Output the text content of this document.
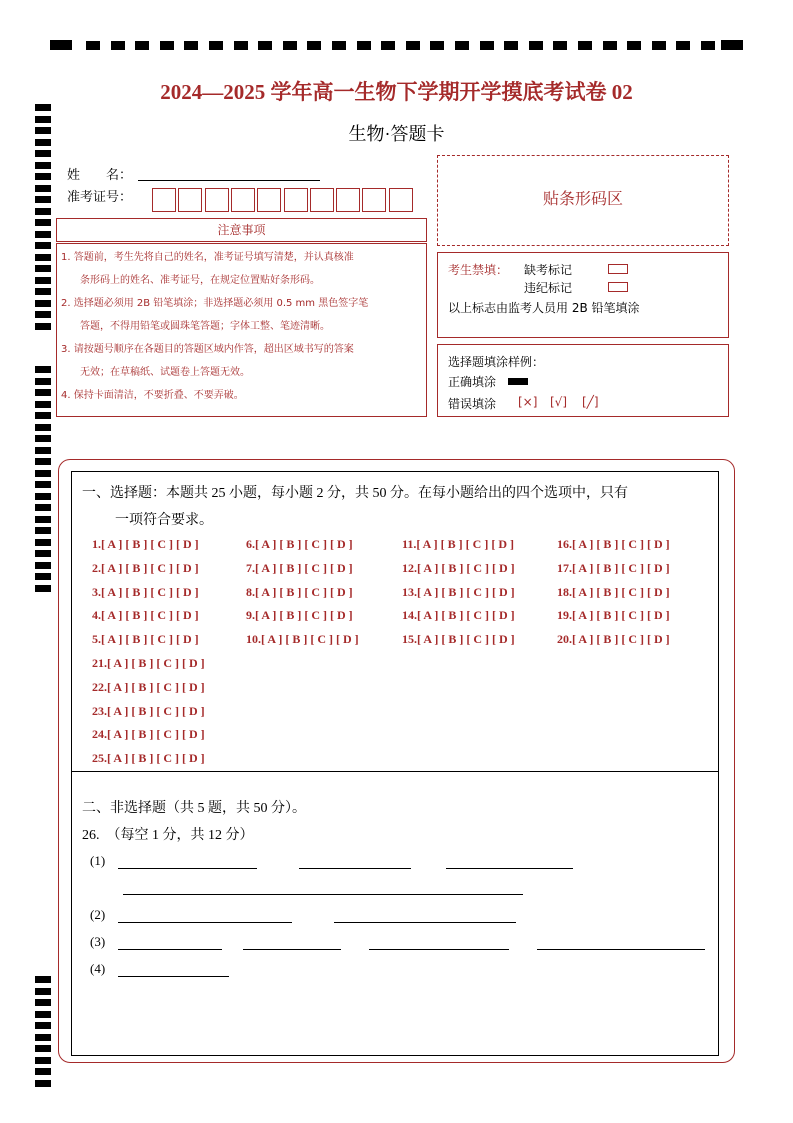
2024—2025 学年高一生物下学期开学摸底考试卷 02
生物·答题卡
姓　　名：
准考证号：	贴条形码区
注意事项

1. 答题前，考生先将自己的姓名，准考证号填写清楚，并认真核准

条形码上的姓名、准考证号，在规定位置贴好条形码。

2. 选择题必须用 2B 铅笔填涂；非选择题必须用 0.5 mm 黑色签字笔

答题，不得用铅笔或圆珠笔答题；字体工整、笔迹清晰。

3. 请按题号顺序在各题目的答题区域内作答，超出区域书写的答案

无效；在草稿纸、试题卷上答题无效。

4. 保持卡面清洁，不要折叠、不要弄破。

考生禁填： 缺考标记
违纪标记
以上标志由监考人员用 2B 铅笔填涂
选择题填涂样例：
正确填涂
错误填涂 [×] [√] [╱]
一、选择题：本题共 25 小题，每小题 2 分，共 50 分。在每小题给出的四个选项中，只有
一项符合要求。
1.[ A ] [ B ] [ C ] [ D ]
2.[ A ] [ B ] [ C ] [ D ]
3.[ A ] [ B ] [ C ] [ D ]
4.[ A ] [ B ] [ C ] [ D ]
5.[ A ] [ B ] [ C ] [ D ]
21.[ A ] [ B ] [ C ] [ D ]
22.[ A ] [ B ] [ C ] [ D ]
23.[ A ] [ B ] [ C ] [ D ]
24.[ A ] [ B ] [ C ] [ D ]
25.[ A ] [ B ] [ C ] [ D ]
6.[ A ] [ B ] [ C ] [ D ]
7.[ A ] [ B ] [ C ] [ D ]
8.[ A ] [ B ] [ C ] [ D ]
9.[ A ] [ B ] [ C ] [ D ]
10.[ A ] [ B ] [ C ] [ D ]
11.[ A ] [ B ] [ C ] [ D ]
12.[ A ] [ B ] [ C ] [ D ]
13.[ A ] [ B ] [ C ] [ D ]
14.[ A ] [ B ] [ C ] [ D ]
15.[ A ] [ B ] [ C ] [ D ]
16.[ A ] [ B ] [ C ] [ D ]
17.[ A ] [ B ] [ C ] [ D ]
18.[ A ] [ B ] [ C ] [ D ]
19.[ A ] [ B ] [ C ] [ D ]
20.[ A ] [ B ] [ C ] [ D ]
二、非选择题（共 5 题，共 50 分）。
26.　（每空 1 分，共 12 分）
(1)
(2)
(3)
(4)
